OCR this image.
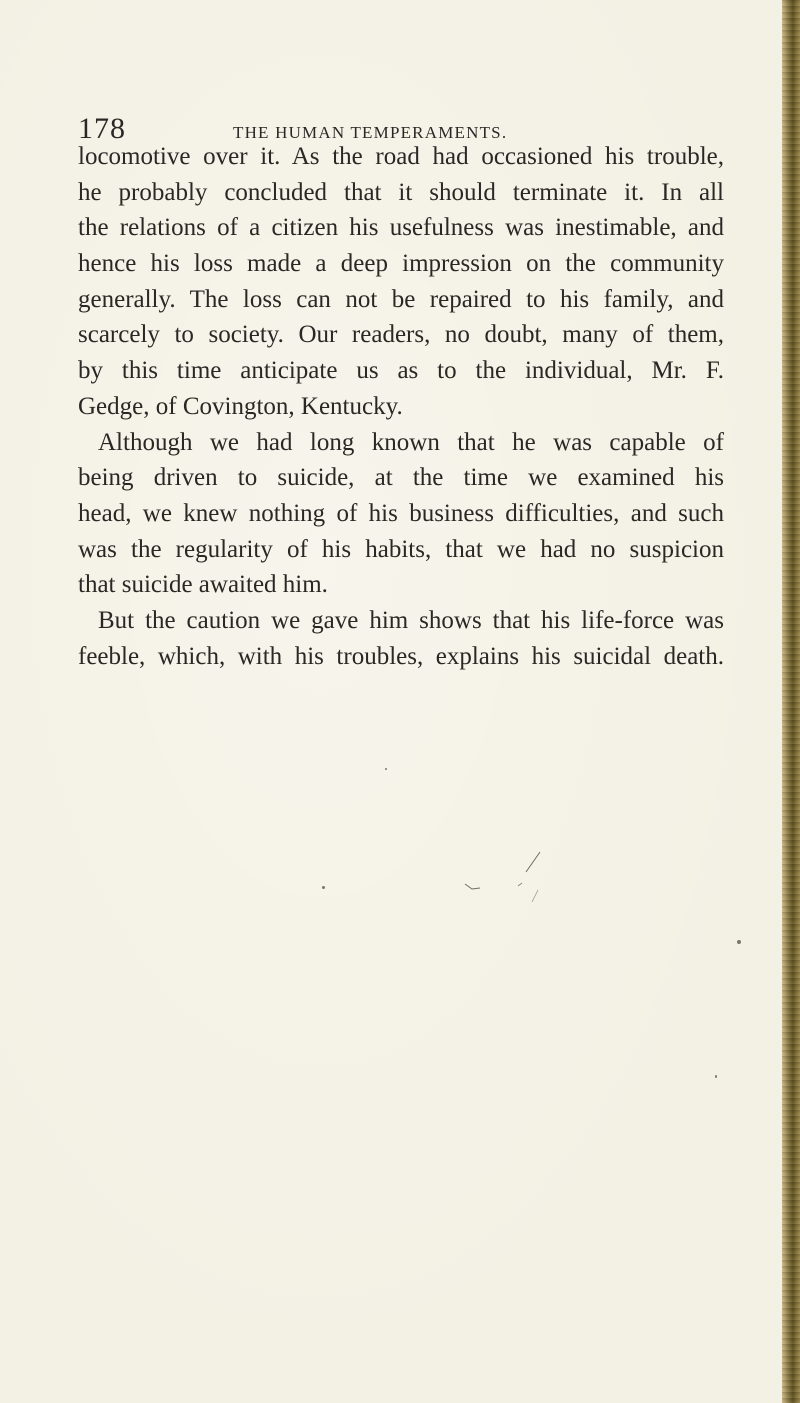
178	THE HUMAN TEMPERAMENTS.
locomotive over it. As the road had occasioned his trouble,
he probably concluded that it should terminate it. In all
the relations of a citizen his usefulness was inestimable, and
hence his loss made a deep impression on the community
generally. The loss can not be repaired to his family, and
scarcely to society. Our readers, no doubt, many of them,
by this time anticipate us as to the individual, Mr. F.
Gedge, of Covington, Kentucky.
Although we had long known that he was capable of
being driven to suicide, at the time we examined his
head, we knew nothing of his business difficulties, and such
was the regularity of his habits, that we had no suspicion
that suicide awaited him.
But the caution we gave him shows that his life-force was
feeble, which, with his troubles, explains his suicidal death.
